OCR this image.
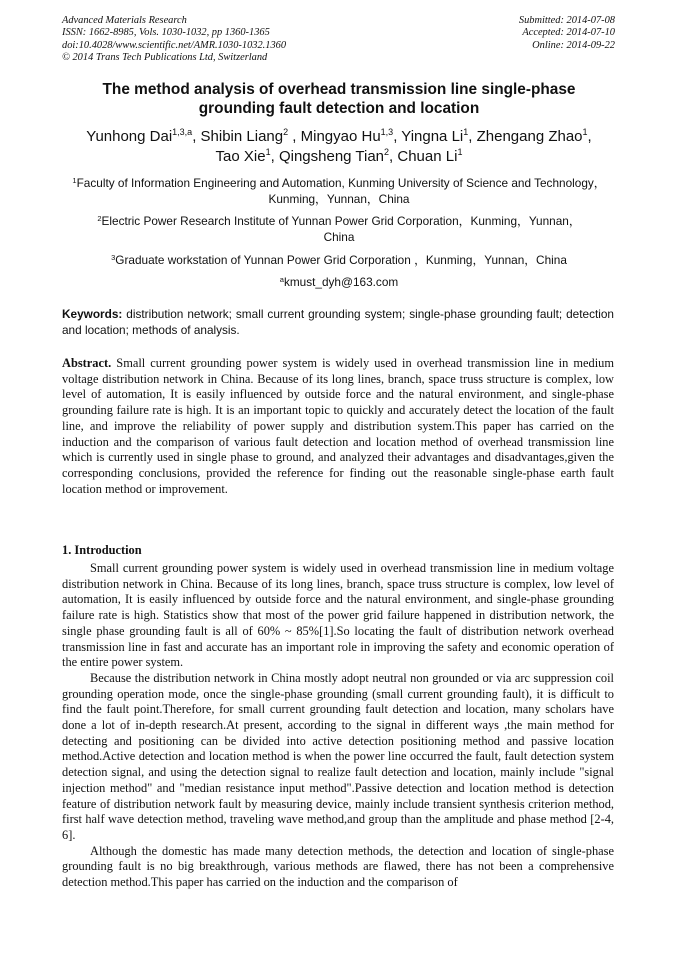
Advanced Materials Research
ISSN: 1662-8985, Vols. 1030-1032, pp 1360-1365
doi:10.4028/www.scientific.net/AMR.1030-1032.1360
© 2014 Trans Tech Publications Ltd, Switzerland
Submitted: 2014-07-08
Accepted: 2014-07-10
Online: 2014-09-22
The method analysis of overhead transmission line single-phase
grounding fault detection and location
Yunhong Dai$^{1,3,a}$, Shibin Liang$^2$ , Mingyao Hu$^{1,3}$, Yingna Li$^1$, Zhengang Zhao$^1$,
Tao Xie$^1$, Qingsheng Tian$^2$, Chuan Li$^1$
$^1$Faculty of Information Engineering and Automation, Kunming University of Science and Technology，Kunming，Yunnan，China
$^2$Electric Power Research Institute of Yunnan Power Grid Corporation，Kunming，Yunnan，
China
$^3$Graduate workstation of Yunnan Power Grid Corporation ，Kunming，Yunnan，China
$^a$kmust_dyh@163.com
Keywords: distribution network; small current grounding system; single-phase grounding fault; detection and location; methods of analysis.
Abstract. Small current grounding power system is widely used in overhead transmission line in medium voltage distribution network in China. Because of its long lines, branch, space truss structure is complex, low level of automation, It is easily influenced by outside force and the natural environment, and single-phase grounding failure rate is high. It is an important topic to quickly and accurately detect the location of the fault line, and improve the reliability of power supply and distribution system.This paper has carried on the induction and the comparison of various fault detection and location method of overhead transmission line which is currently used in single phase to ground, and analyzed their advantages and disadvantages,given the corresponding conclusions, provided the reference for finding out the reasonable single-phase earth fault location method or improvement.
1. Introduction

Small current grounding power system is widely used in overhead transmission line in medium voltage distribution network in China. Because of its long lines, branch, space truss structure is complex, low level of automation, It is easily influenced by outside force and the natural environment, and single-phase grounding failure rate is high. Statistics show that most of the power grid failure happened in distribution network, the single phase grounding fault is all of 60% ~ 85%[1].So locating the fault of distribution network overhead transmission line in fast and accurate has an important role in improving the safety and economic operation of the entire power system.

Because the distribution network in China mostly adopt neutral non grounded or via arc suppression coil grounding operation mode, once the single-phase grounding (small current grounding fault), it is difficult to find the fault point.Therefore, for small current grounding fault detection and location, many scholars have done a lot of in-depth research.At present, according to the signal in different ways ,the main method for detecting and positioning can be divided into active detection positioning method and passive location method.Active detection and location method is when the power line occurred the fault, fault detection system detection signal, and using the detection signal to realize fault detection and location, mainly include "signal injection method" and "median resistance input method".Passive detection and location method is detection feature of distribution network fault by measuring device, mainly include transient synthesis criterion method, first half wave detection method, traveling wave method,and group than the amplitude and phase method [2-4, 6].

Although the domestic has made many detection methods, the detection and location of single-phase grounding fault is no big breakthrough, various methods are flawed, there has not been a comprehensive detection method.This paper has carried on the induction and the comparison of
